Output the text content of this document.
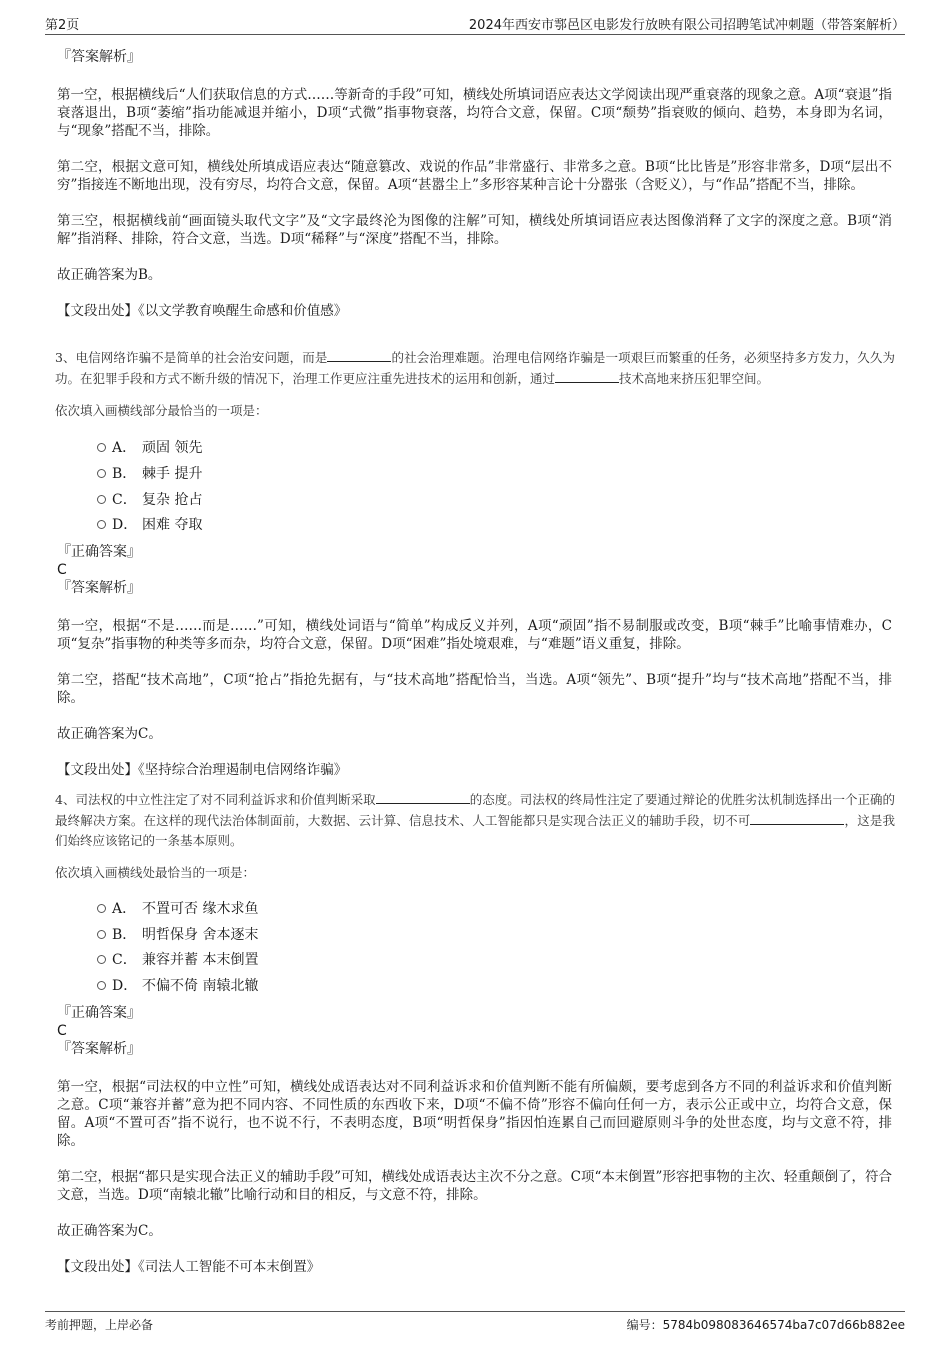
第2页	2024年西安市鄠邑区电影发行放映有限公司招聘笔试冲刺题（带答案解析）
『答案解析』
第一空，根据横线后“人们获取信息的方式……等新奇的手段”可知，横线处所填词语应表达文学阅读出现严重衰落的现象之意。A项“衰退”指衰落退出，B项“萎缩”指功能减退并缩小，D项“式微”指事物衰落，均符合文意，保留。C项“颓势”指衰败的倾向、趋势，本身即为名词，与“现象”搭配不当，排除。
第二空，根据文意可知，横线处所填成语应表达“随意篡改、戏说的作品”非常盛行、非常多之意。B项“比比皆是”形容非常多，D项“层出不穷”指接连不断地出现，没有穷尽，均符合文意，保留。A项“甚嚣尘上”多形容某种言论十分嚣张（含贬义），与“作品”搭配不当，排除。
第三空，根据横线前“画面镜头取代文字”及“文字最终沦为图像的注解”可知，横线处所填词语应表达图像消释了文字的深度之意。B项“消解”指消释、排除，符合文意，当选。D项“稀释”与“深度”搭配不当，排除。
故正确答案为B。
【文段出处】《以文学教育唤醒生命感和价值感》
3、电信网络诈骗不是简单的社会治安问题，而是	的社会治理难题。治理电信网络诈骗是一项艰巨而繁重的任务，必须坚持多方发力，久久为功。在犯罪手段和方式不断升级的情况下，治理工作更应注重先进技术的运用和创新，通过	技术高地来挤压犯罪空间。
依次填入画横线部分最恰当的一项是：
A． 顽固 领先
B． 棘手 提升
C． 复杂 抢占
D． 困难 夺取
『正确答案』
C
『答案解析』
第一空，根据“不是……而是……”可知，横线处词语与“简单”构成反义并列，A项“顽固”指不易制服或改变，B项“棘手”比喻事情难办，C项“复杂”指事物的种类等多而杂，均符合文意，保留。D项“困难”指处境艰难，与“难题”语义重复，排除。
第二空，搭配“技术高地”，C项“抢占”指抢先据有，与“技术高地”搭配恰当，当选。A项“领先”、B项“提升”均与“技术高地”搭配不当，排除。
故正确答案为C。
【文段出处】《坚持综合治理遏制电信网络诈骗》
4、司法权的中立性注定了对不同利益诉求和价值判断采取	的态度。司法权的终局性注定了要通过辩论的优胜劣汰机制选择出一个正确的最终解决方案。在这样的现代法治体制面前，大数据、云计算、信息技术、人工智能都只是实现合法正义的辅助手段，切不可	，这是我们始终应该铭记的一条基本原则。
依次填入画横线处最恰当的一项是：
A． 不置可否 缘木求鱼
B． 明哲保身 舍本逐末
C． 兼容并蓄 本末倒置
D． 不偏不倚 南辕北辙
『正确答案』
C
『答案解析』
第一空，根据“司法权的中立性”可知，横线处成语表达对不同利益诉求和价值判断不能有所偏颇，要考虑到各方不同的利益诉求和价值判断之意。C项“兼容并蓄”意为把不同内容、不同性质的东西收下来，D项“不偏不倚”形容不偏向任何一方，表示公正或中立，均符合文意，保留。A项“不置可否”指不说行，也不说不行，不表明态度，B项“明哲保身”指因怕连累自己而回避原则斗争的处世态度，均与文意不符，排除。
第二空，根据“都只是实现合法正义的辅助手段”可知，横线处成语表达主次不分之意。C项“本末倒置”形容把事物的主次、轻重颠倒了，符合文意，当选。D项“南辕北辙”比喻行动和目的相反，与文意不符，排除。
故正确答案为C。
【文段出处】《司法人工智能不可本末倒置》
考前押题，上岸必备	编号：5784b098083646574ba7c07d66b882ee
